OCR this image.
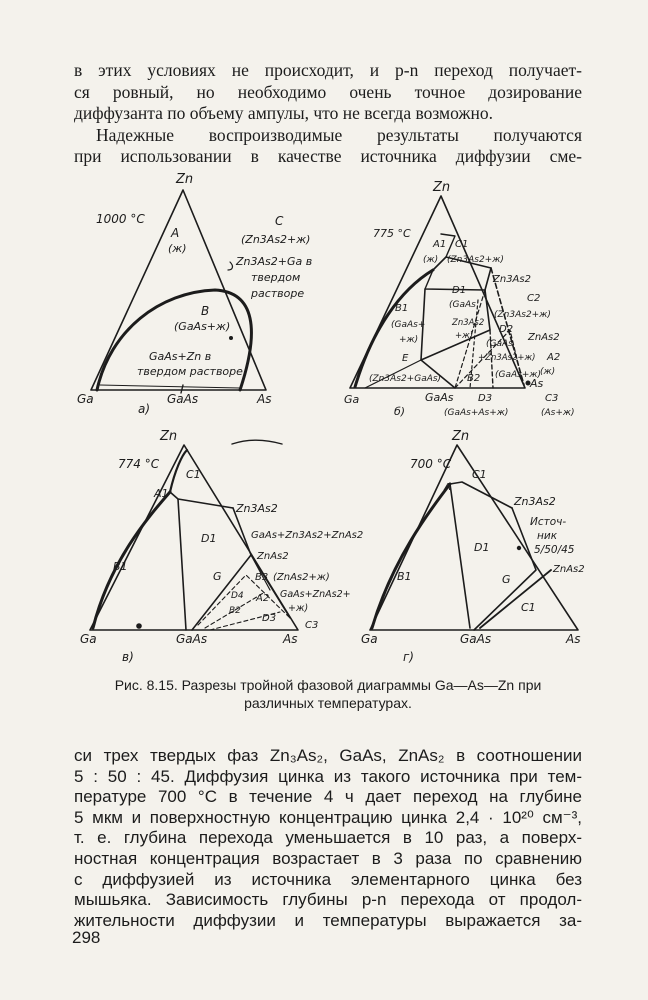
в этих условиях не происходит, и p-n переход получает-
ся ровный, но необходимо очень точное дозирование
диффузанта по объему ампулы, что не всегда возможно.
Надежные воспроизводимые результаты получаются
при использовании в качестве источника диффузии сме-
Zn
1000 °C
A
(ж)
C
(Zn3As2+ж)
Zn3As2+Ga в
твердом
растворе
B
(GaAs+ж)
GaAs+Zn в
твердом растворе
Ga	GaAs	As
а)
Zn
775 °C
A1
(ж)
C1
(Zn3As2+ж)
Zn3As2
D1
(GaAs
C2
(Zn3As2+ж)
B1
(GaAs+
+ж)
Zn3As2
+ж)
D2
(GaAs
ZnAs2
+Zn3As2+ж) A2
(ж)
E
(Zn3As2+GaAs)	B2 (GaAs+ж)
As
Ga	GaAs D3
(GaAs+As+ж)
C3
(As+ж)
б)
Zn
774 °C
C1
A1
Zn3As2
D1	GaAs+Zn3As2+ZnAs2
ZnAs2
B1
G	B3 (ZnAs2+ж)
D4 A2 GaAs+ZnAs2+
+ж)
B2
D3
C3
Ga	GaAs	As
в)
Zn
700 °C
C1
A
Zn3As2
Источ-
ник
5/50/45
D1
ZnAs2
B1	G
C1
Ga	GaAs	As
г)
Рис. 8.15. Разрезы тройной фазовой диаграммы Ga—As—Zn при
различных температурах.
си трех твердых фаз Zn₃As₂, GaAs, ZnAs₂ в соотношении
5 : 50 : 45. Диффузия цинка из такого источника при тем-
пературе 700 °С в течение 4 ч дает переход на глубине
5 мкм и поверхностную концентрацию цинка 2,4 · 10²⁰ см⁻³,
т. е. глубина перехода уменьшается в 10 раз, а поверх-
ностная концентрация возрастает в 3 раза по сравнению
с диффузией из источника элементарного цинка без
мышьяка. Зависимость глубины p-n перехода от продол-
жительности диффузии и температуры выражается за-
298
